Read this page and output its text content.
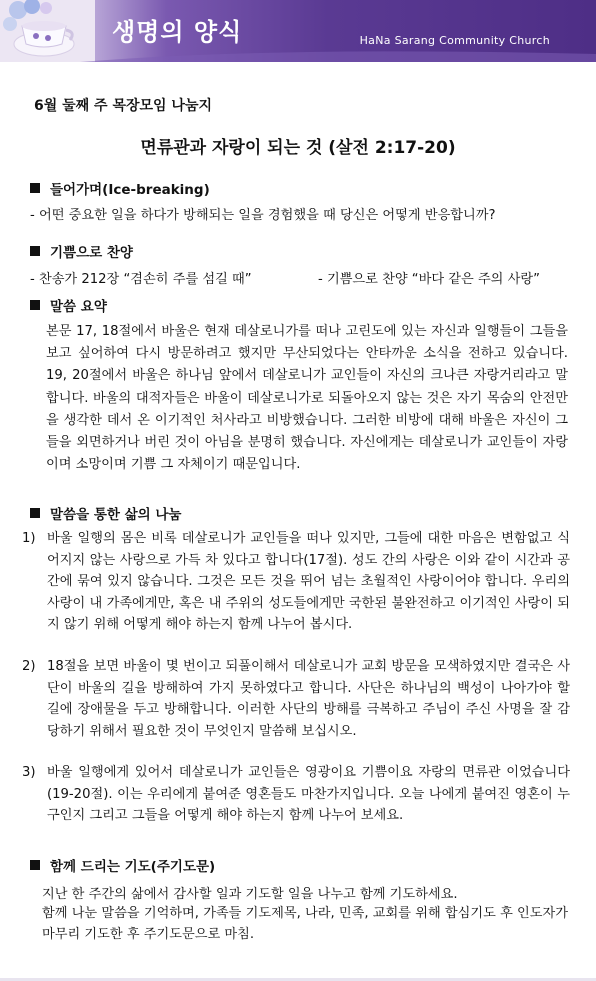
생명의 양식	HaNa Sarang Community Church
6월 둘째 주 목장모임 나눔지
면류관과 자랑이 되는 것 (살전 2:17-20)
들어가며(Ice-breaking)
- 어떤 중요한 일을 하다가 방해되는 일을 경험했을 때 당신은 어떻게 반응합니까?
기쁨으로 찬양
- 찬송가 212장 “겸손히 주를 섬길 때”	- 기쁨으로 찬양 “바다 같은 주의 사랑”
말씀 요약
본문 17, 18절에서 바울은 현재 데살로니가를 떠나 고린도에 있는 자신과 일행들이 그들을 보고 싶어하여 다시 방문하려고 했지만 무산되었다는 안타까운 소식을 전하고 있습니다. 19, 20절에서 바울은 하나님 앞에서 데살로니가 교인들이 자신의 크나큰 자랑거리라고 말합니다. 바울의 대적자들은 바울이 데살로니가로 되돌아오지 않는 것은 자기 목숨의 안전만을 생각한 데서 온 이기적인 처사라고 비방했습니다. 그러한 비방에 대해 바울은 자신이 그들을 외면하거나 버린 것이 아님을 분명히 했습니다. 자신에게는 데살로니가 교인들이 자랑이며 소망이며 기쁨 그 자체이기 때문입니다.
말씀을 통한 삶의 나눔
1) 바울 일행의 몸은 비록 데살로니가 교인들을 떠나 있지만, 그들에 대한 마음은 변함없고 식어지지 않는 사랑으로 가득 차 있다고 합니다(17절). 성도 간의 사랑은 이와 같이 시간과 공간에 묶여 있지 않습니다. 그것은 모든 것을 뛰어 넘는 초월적인 사랑이어야 합니다. 우리의 사랑이 내 가족에게만, 혹은 내 주위의 성도들에게만 국한된 불완전하고 이기적인 사랑이 되지 않기 위해 어떻게 해야 하는지 함께 나누어 봅시다.
2) 18절을 보면 바울이 몇 번이고 되풀이해서 데살로니가 교회 방문을 모색하였지만 결국은 사단이 바울의 길을 방해하여 가지 못하였다고 합니다. 사단은 하나님의 백성이 나아가야 할 길에 장애물을 두고 방해합니다. 이러한 사단의 방해를 극복하고 주님이 주신 사명을 잘 감당하기 위해서 필요한 것이 무엇인지 말씀해 보십시오.
3) 바울 일행에게 있어서 데살로니가 교인들은 영광이요 기쁨이요 자랑의 면류관 이었습니다(19-20절). 이는 우리에게 붙여준 영혼들도 마찬가지입니다. 오늘 나에게 붙여진 영혼이 누구인지 그리고 그들을 어떻게 해야 하는지 함께 나누어 보세요.
함께 드리는 기도(주기도문)
지난 한 주간의 삶에서 감사할 일과 기도할 일을 나누고 함께 기도하세요.
함께 나눈 말씀을 기억하며, 가족들 기도제목, 나라, 민족, 교회를 위해 합심기도 후 인도자가 마무리 기도한 후 주기도문으로 마침.
